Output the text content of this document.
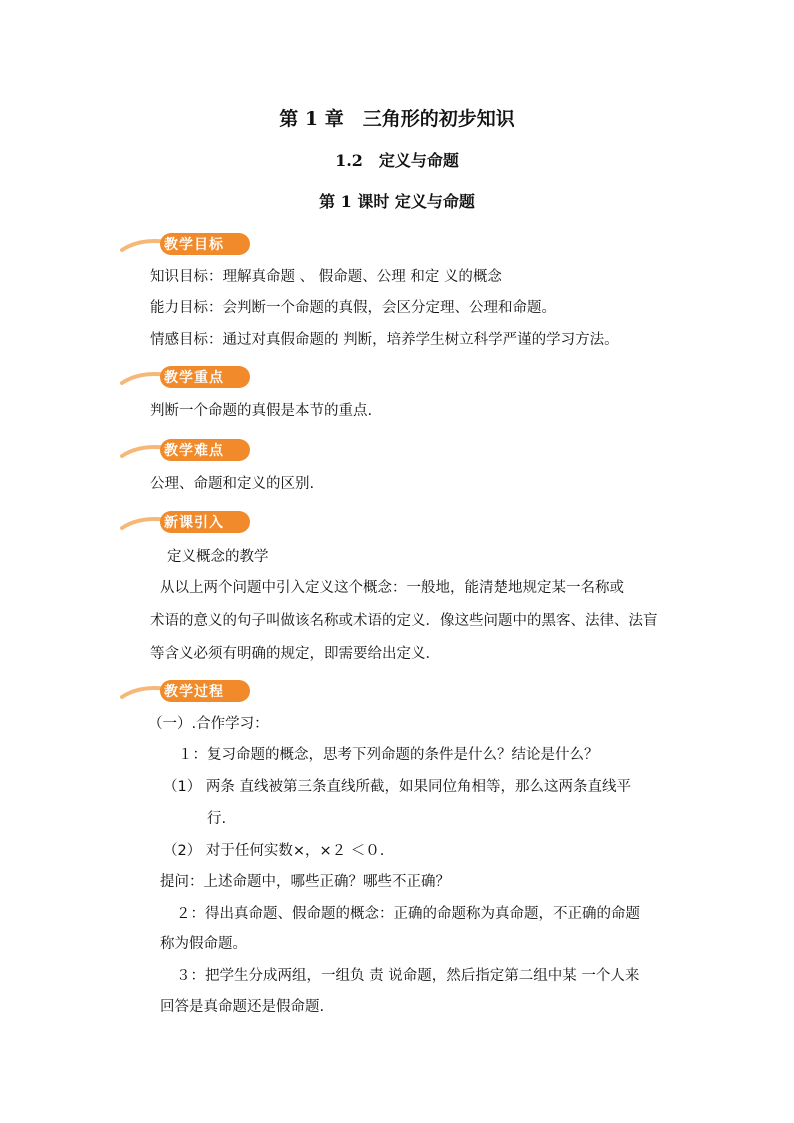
第 1 章　三角形的初步知识
1.2　定义与命题
第 1 课时 定义与命题
教学目标
知识目标：理解真命题 、 假命题、公理 和定 义的概念
能力目标：会判断一个命题的真假，会区分定理、公理和命题。
情感目标：通过对真假命题的 判断，培养学生树立科学严谨的学习方法。
教学重点
判断一个命题的真假是本节的重点.
教学难点
公理、命题和定义的区别.
新课引入
定义概念的教学
从以上两个问题中引入定义这个概念：一般地，能清楚地规定某一名称或
术语的意义的句子叫做该名称或术语的定义．像这些问题中的黑客、法律、法盲
等含义必须有明确的规定，即需要给出定义．
教学过程
（一）.合作学习：
１：复习命题的概念，思考下列命题的条件是什么？结论是什么？
（1） 两条 直线被第三条直线所截，如果同位角相等，那么这两条直线平
行.
（2） 对于任何实数×，×２ ＜０.
提问：上述命题中，哪些正确？哪些不正确？
２：得出真命题、假命题的概念：正确的命题称为真命题，不正确的命题
称为假命题。
３：把学生分成两组，一组负 责 说命题，然后指定第二组中某 一个人来
回答是真命题还是假命题.
